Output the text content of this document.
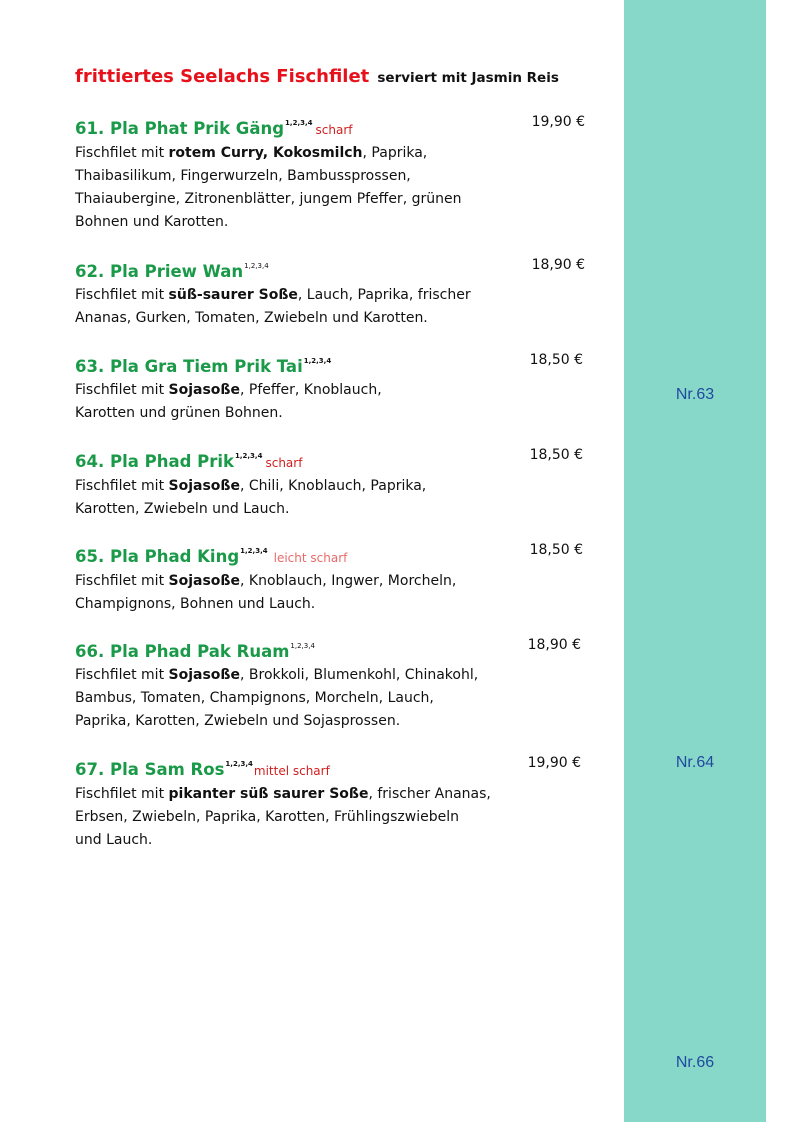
Nr.63
Nr.64
Nr.66
frittiertes Seelachs Fischfilet serviert mit Jasmin Reis
61. Pla Phat Prik Gäng$^{1,2,3,4}$ scharf	19,90 €
Fischfilet mit rotem Curry, Kokosmilch, Paprika,
Thaibasilikum, Fingerwurzeln, Bambussprossen,
Thaiaubergine, Zitronenblätter, jungem Pfeffer, grünen
Bohnen und Karotten.
62. Pla Priew Wan$^{1,2,3,4}$	18,90 €
Fischfilet mit süß-saurer Soße, Lauch, Paprika, frischer
Ananas, Gurken, Tomaten, Zwiebeln und Karotten.
63. Pla Gra Tiem Prik Tai$^{1,2,3,4}$	18,50 €
Fischfilet mit Sojasoße, Pfeffer, Knoblauch,
Karotten und grünen Bohnen.
64. Pla Phad Prik$^{1,2,3,4}$ scharf	18,50 €
Fischfilet mit Sojasoße, Chili, Knoblauch, Paprika,
Karotten, Zwiebeln und Lauch.
65. Pla Phad King$^{1,2,3,4}$ leicht scharf	18,50 €
Fischfilet mit Sojasoße, Knoblauch, Ingwer, Morcheln,
Champignons, Bohnen und Lauch.
66. Pla Phad Pak Ruam$^{1,2,3,4}$	18,90 €
Fischfilet mit Sojasoße, Brokkoli, Blumenkohl, Chinakohl,
Bambus, Tomaten, Champignons, Morcheln, Lauch,
Paprika, Karotten, Zwiebeln und Sojasprossen.
67. Pla Sam Ros$^{1,2,3,4}$mittel scharf	19,90 €
Fischfilet mit pikanter süß saurer Soße, frischer Ananas,
Erbsen, Zwiebeln, Paprika, Karotten, Frühlingszwiebeln
und Lauch.
